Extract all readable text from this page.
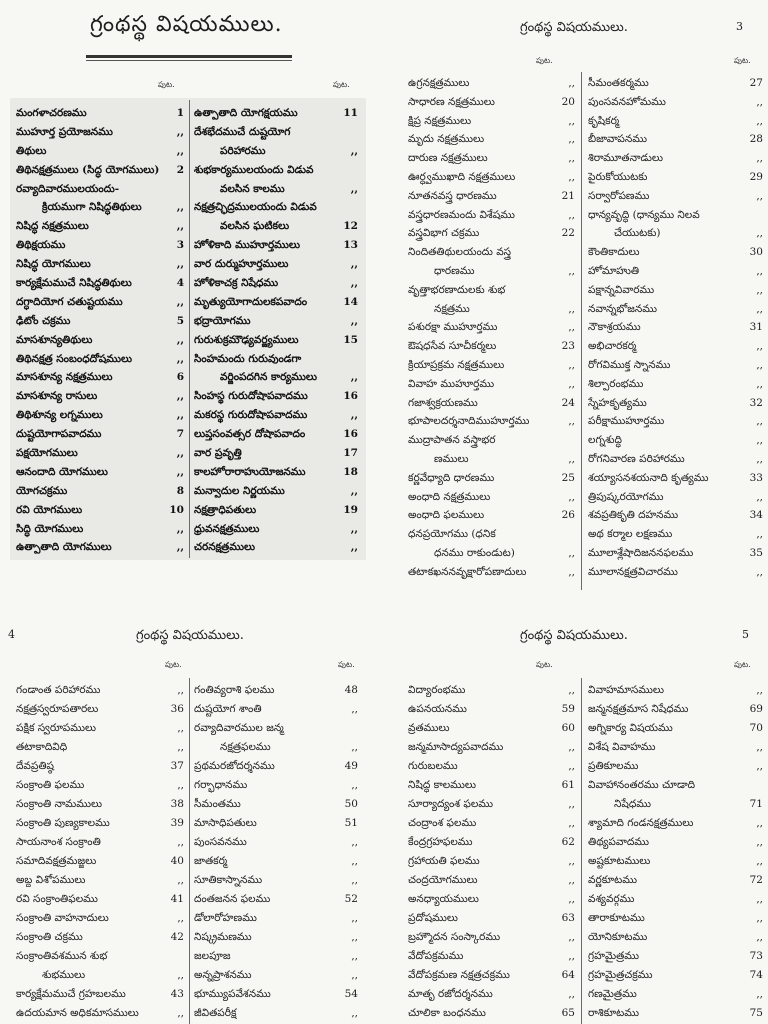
గ్రంథస్థ విషయములు.
పుట.	పుట.
మంగళాచరణము	1
ముహూర్త ప్రయోజనము	,,
తిథులు	,,
తిథినక్షత్రములు (సిద్ధ యోగములు)	2
రవ్యాదివారములయందు-
క్రియముగా నిషిద్ధతిథులు	,,
నిషిద్ధ నక్షత్రములు	,,
తిథిక్షయము	3
నిషిద్ధ యోగములు	,,
కార్యక్షేమముచే నిషిద్ధతిథులు	4
దగ్ధాదియోగ చతుష్టయము	,,
ఢిటోం చక్రము	5
మాసశూన్యతిథులు	,,
తిథినక్షత్ర సంబంధదోషములు	,,
మాసశూన్య నక్షత్రములు	6
మాసశూన్య రాసులు	,,
తిథిశూన్య లగ్నములు	,,
దుష్టయోగాపవాదము	7
పక్షయోగములు	,,
ఆనందాది యోగములు	,,
యోగచక్రము	8
రవి యోగములు	10
సిద్ధి యోగములు	,,
ఉత్పాతాది యోగములు	,,
ఉత్పాతాది యోగక్షయము	11
దేశభేదముచే దుష్టయోగ
పరిహారము	,,
శుభకార్యములయందు విడువ
వలసిన కాలము	,,
నక్షత్రచ్ఛిద్రములయందు విడువ
వలసిన ఘటికలు	12
హోళికాది ముహూర్తములు	13
వార దుర్ముహూర్తములు	,,
హోళికాచక్ర నిషేధము	,,
మృత్యుయోగాదులకపవాదం	14
భద్రాయోగము	,,
గురుశుక్రమౌఢ్యవర్జ్యములు	15
సింహమందు గురువుండగా
వర్జింపదగిన కార్యములు	,,
సింహస్థ గురుదోషాపవాదము	16
మకరస్థ గురుదోషాపవాదము	,,
లుప్తసంవత్సర దోషాపవాదం	16
వార ప్రవృత్తి	17
కాలహోరారాహుయోజనము	18
మన్వాదుల నిర్ణయము	,,
నక్షత్రాధిపతులు	19
ధ్రువనక్షత్రములు	,,
చరనక్షత్రములు	,,
గ్రంథస్థ విషయములు.	3
పుట.	పుట.
ఉగ్రనక్షత్రములు	,,
సాధారణ నక్షత్రములు	20
క్షిప్ర నక్షత్రములు	,,
మృదు నక్షత్రములు	,,
దారుణ నక్షత్రములు	,,
ఊర్ధ్వముఖాది నక్షత్రములు	,,
నూతనవస్త్ర ధారణము	21
వస్త్రధారణమందు విశేషము	,,
వస్త్రవిభాగ చక్రము	22
నిందితతిథులయందు వస్త్ర
ధారణము	,,
వృత్తాభరణాదులకు శుభ
నక్షత్రము	,,
పశురక్షా ముహూర్తము	,,
ఔషధసేవ సూచీకర్మలు	23
క్రియాప్రక్రమ నక్షత్రములు	,,
వివాహ ముహూర్తము	,,
గజాశ్వక్రయణము	24
భూపాలదర్శనాదిముహూర్తము	,,
ముద్రాపాతన వస్త్రాభర
ణములు	,,
కర్ణవేధ్యాది ధారణము	25
అంధాది నక్షత్రములు	,,
అంధాది ఫలములు	26
ధనప్రయోగము (ధనిక
ధనము రాకుండుట)	,,
తటాకఖననవృక్షారోపణాదులు	,,
సీమంతకర్మము	27
పుంసవనహోమము	,,
కృషికర్మ	,,
బీజావాపనము	28
శిరామూతనాడులు	,,
పైరుకోయుటకు	29
సర్వారోపణము	,,
ధాన్యవృద్ధి (ధాన్యము నిలవ
చేయుటకు)	,,
కౌంతికాదులు	30
హోమాహుతి	,,
పక్షాన్నవివారము	,,
నవాన్నభోజనము	,,
నౌకాశ్రయము	31
అభిచారకర్మ	,,
రోగవిముక్త స్నానము	,,
శిల్పారంభము	,,
స్నేహకృత్యము	32
పరీక్షాముహూర్తము	,,
లగ్నశుద్ధి	,,
రోగనివారణ పరిహారము	,,
శయ్యాసనశయనాది కృత్యము	33
త్రిపుష్కరయోగము	,,
శవప్రతికృతి దహనము	34
అథ కర్మాల లక్షణము	,,
మూలాశ్లేషాదిజననఫలము	35
మూలానక్షత్రవిచారము	,,
4	గ్రంథస్థ విషయములు.
పుట.	పుట.
గండాంత పరిహారము	,,
నక్షత్రస్వరూపతారలు	36
పక్షిక స్వరూపములు	,,
తటాకాదివిధి	,,
దేవప్రతిష్ఠ	37
సంక్రాంతి ఫలము	,,
సంక్రాంతి నామములు	38
సంక్రాంతి పుణ్యకాలము	39
సాయనాంశ సంక్రాంతి	,,
సమాదివక్షత్రమజ్జలు	40
అబ్ద విశోపములు	,,
రవి సంక్రాంతిఫలము	41
సంక్రాంతి వాహనాదులు	,,
సంక్రాంతి చక్రము	42
సంక్రాంతివశమున శుభ
శుభములు	,,
కార్యక్షేమముచే గ్రహబలము	43
ఉదయమాన అధికమాసములు	,,
గంతివ్యరాశి ఫలము	48
దుష్టయోగ శాంతి	,,
రవ్యాదివారముల జన్మ
నక్షత్రఫలము	,,
ప్రథమరజోదర్శనము	49
గర్భాధానము	,,
సీమంతము	50
మాసాధిపతులు	51
పుంసవనము	,,
జాతకర్మ	,,
సూతికాస్నానము	,,
దంతజనన ఫలము	52
డోలారోహణము	,,
నిష్క్రమణము	,,
జలపూజ	,,
అన్నప్రాశనము	,,
భూమ్యుపవేశనము	54
జీవితపరీక్ష	,,
గ్రంథస్థ విషయములు.	5
పుట.	పుట.
విద్యారంభము	,,
ఉపనయనము	59
వ్రతములు	60
జన్మమాసాద్యపవాదము	,,
గురుబలము	,,
నిషిద్ధ కాలములు	61
సూర్యాద్యంశ ఫలము	,,
చంద్రాంశ ఫలము	,,
కేంద్రగ్రహఫలము	62
గ్రహాయతి ఫలము	,,
చంద్రయోగములు	,,
అనధ్యాయములు	,,
ప్రదోషములు	63
బ్రహ్మౌదన సంస్కారము	,,
వేదోపక్రమము	,,
వేదోపక్రమణ నక్షత్రచక్రము	64
మాతృ రజోదర్శనము	,,
చూలికా బంధనము	65
వివాహమాసములు	,,
జన్మనక్షత్రమాస నిషేధము	69
అగ్నికార్య విషయము	70
విశేష వివాహము	,,
ప్రతికూలము	,,
వివాహానంతరము చూడాది
నిషేధము	71
శ్యామాది గండనక్షత్రములు	,,
తిథ్యపవాదము	,,
అష్టకూటములు	,,
వర్ణకూటము	72
వశ్యవర్గము	,,
తారాకూటము	,,
యోనికూటము	,,
గ్రహమైత్రము	73
గ్రహమైత్రచక్రము	74
గణమైత్రము	,,
రాశికూటము	75
